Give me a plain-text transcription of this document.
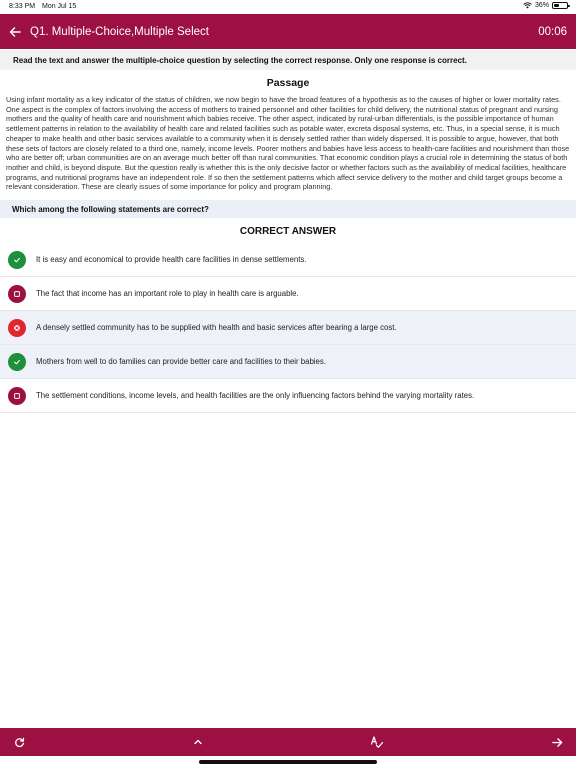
8:33 PM Mon Jul 15	36%
Q1. Multiple-Choice,Multiple Select	00:06
Read the text and answer the multiple-choice question by selecting the correct response. Only one response is correct.
Passage
Using infant mortality as a key indicator of the status of children, we now begin to have the broad features of a hypothesis as to the causes of higher or lower mortality rates. One aspect is the complex of factors involving the access of mothers to trained personnel and other facilities for child delivery, the nutritional status of pregnant and nursing mothers and the quality of health care and nourishment which babies receive. The other aspect, indicated by rural-urban differentials, is the possible importance of human settlement patterns in relation to the availability of health care and related facilities such as potable water, excreta disposal systems, etc. Thus, in a special sense, it is much cheaper to make health and other basic services available to a community when it is densely settled rather than widely dispersed. It is possible to argue, however, that both these sets of factors are closely related to a third one, namely, income levels. Poorer mothers and babies have less access to health-care facilities and nourishment than those who are better off; urban communities are on an average much better off than rural communities. That economic condition plays a crucial role in determining the status of both mother and child, is beyond dispute. But the question really is whether this is the only decisive factor or whether factors such as the availability of medical facilities, healthcare programs, and nutritional programs have an independent role. If so then the settlement patterns which affect service delivery to the mother and child target groups become a relevant consideration. These are clearly issues of some importance for policy and program planning.
Which among the following statements are correct?
CORRECT ANSWER
It is easy and economical to provide health care facilities in dense settlements.
The fact that income has an important role to play in health care is arguable.
A densely settled community has to be supplied with health and basic services after bearing a large cost.
Mothers from well to do families can provide better care and facilities to their babies.
The settlement conditions, income levels, and health facilities are the only influencing factors behind the varying mortality rates.
